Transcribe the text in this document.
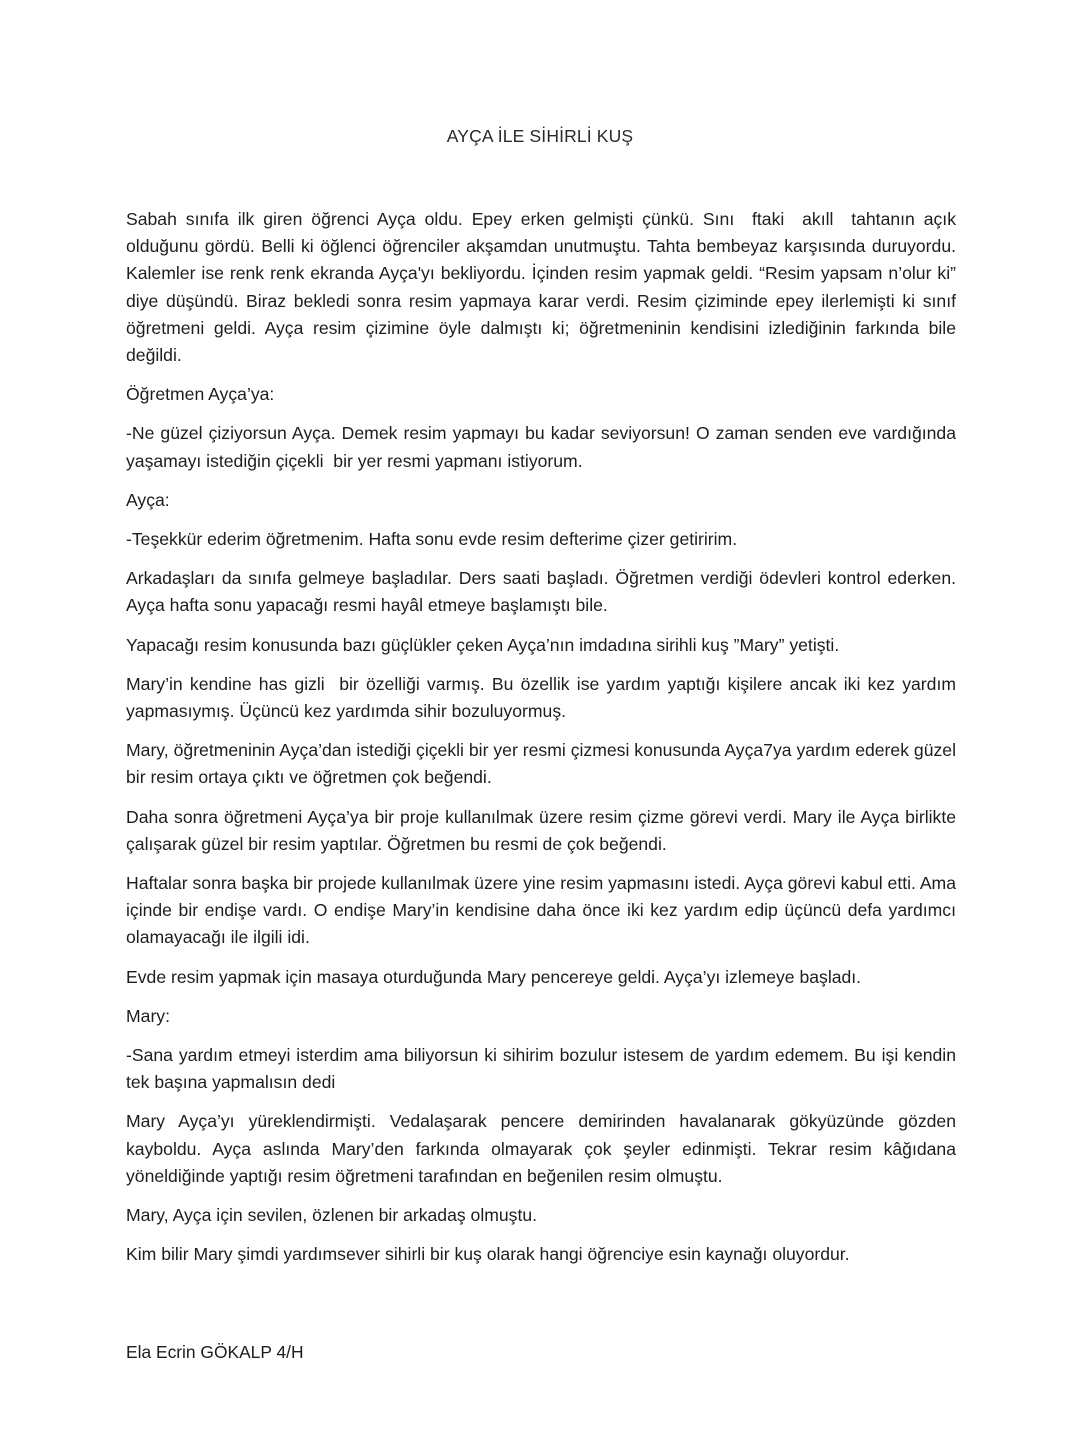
AYÇA İLE SİHİRLİ KUŞ

Sabah sınıfa ilk giren öğrenci Ayça oldu. Epey erken gelmişti çünkü. Sını  ftaki  akıll  tahtanın açık olduğunu gördü. Belli ki öğlenci öğrenciler akşamdan unutmuştu. Tahta bembeyaz karşısında duruyordu. Kalemler ise renk renk ekranda Ayça'yı bekliyordu. İçinden resim yapmak geldi. “Resim yapsam n’olur ki” diye düşündü. Biraz bekledi sonra resim yapmaya karar verdi. Resim çiziminde epey ilerlemişti ki sınıf öğretmeni geldi. Ayça resim çizimine öyle dalmıştı ki; öğretmeninin kendisini izlediğinin farkında bile değildi.

Öğretmen Ayça’ya:

-Ne güzel çiziyorsun Ayça. Demek resim yapmayı bu kadar seviyorsun! O zaman senden eve vardığında yaşamayı istediğin çiçekli  bir yer resmi yapmanı istiyorum.

Ayça:

-Teşekkür ederim öğretmenim. Hafta sonu evde resim defterime çizer getiririm.

Arkadaşları da sınıfa gelmeye başladılar. Ders saati başladı. Öğretmen verdiği ödevleri kontrol ederken. Ayça hafta sonu yapacağı resmi hayâl etmeye başlamıştı bile.

Yapacağı resim konusunda bazı güçlükler çeken Ayça’nın imdadına sirihli kuş ”Mary” yetişti.

Mary’in kendine has gizli  bir özelliği varmış. Bu özellik ise yardım yaptığı kişilere ancak iki kez yardım yapmasıymış. Üçüncü kez yardımda sihir bozuluyormuş.

Mary, öğretmeninin Ayça’dan istediği çiçekli bir yer resmi çizmesi konusunda Ayça7ya yardım ederek güzel bir resim ortaya çıktı ve öğretmen çok beğendi.

Daha sonra öğretmeni Ayça’ya bir proje kullanılmak üzere resim çizme görevi verdi. Mary ile Ayça birlikte çalışarak güzel bir resim yaptılar. Öğretmen bu resmi de çok beğendi.

Haftalar sonra başka bir projede kullanılmak üzere yine resim yapmasını istedi. Ayça görevi kabul etti. Ama içinde bir endişe vardı. O endişe Mary’in kendisine daha önce iki kez yardım edip üçüncü defa yardımcı olamayacağı ile ilgili idi.

Evde resim yapmak için masaya oturduğunda Mary pencereye geldi. Ayça’yı izlemeye başladı.

Mary:

-Sana yardım etmeyi isterdim ama biliyorsun ki sihirim bozulur istesem de yardım edemem. Bu işi kendin tek başına yapmalısın dedi

Mary Ayça’yı yüreklendirmişti. Vedalaşarak pencere demirinden havalanarak gökyüzünde gözden kayboldu. Ayça aslında Mary’den farkında olmayarak çok şeyler edinmişti. Tekrar resim kâğıdana yöneldiğinde yaptığı resim öğretmeni tarafından en beğenilen resim olmuştu.

Mary, Ayça için sevilen, özlenen bir arkadaş olmuştu.

Kim bilir Mary şimdi yardımsever sihirli bir kuş olarak hangi öğrenciye esin kaynağı oluyordur.

Ela Ecrin GÖKALP 4/H
